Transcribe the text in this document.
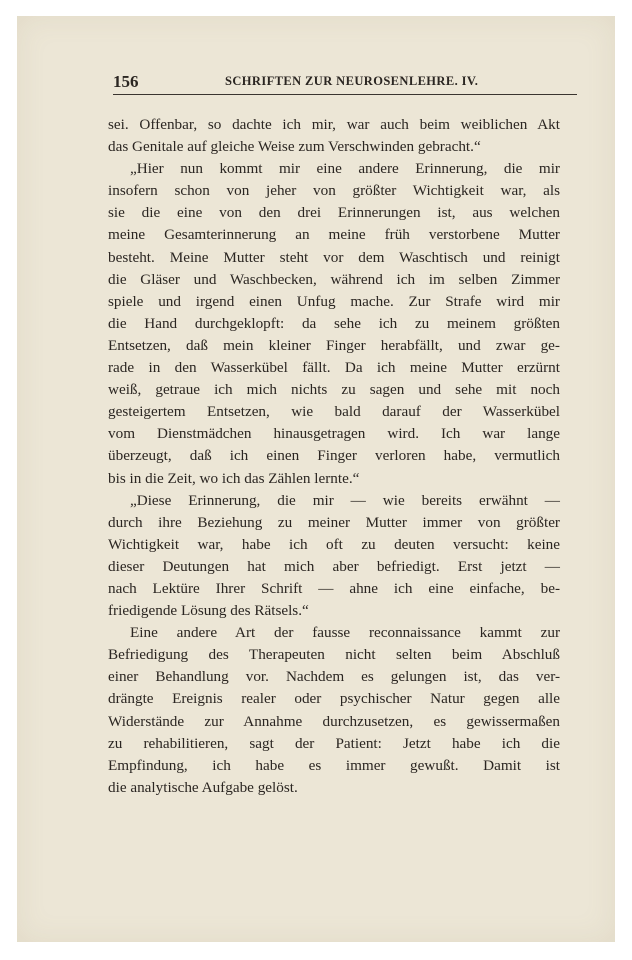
156	SCHRIFTEN ZUR NEUROSENLEHRE. IV.
sei. Offenbar, so dachte ich mir, war auch beim weiblichen Akt
das Genitale auf gleiche Weise zum Verschwinden gebracht.“
„Hier nun kommt mir eine andere Erinnerung, die mir
insofern schon von jeher von größter Wichtigkeit war, als
sie die eine von den drei Erinnerungen ist, aus welchen
meine Gesamterinnerung an meine früh verstorbene Mutter
besteht. Meine Mutter steht vor dem Waschtisch und reinigt
die Gläser und Waschbecken, während ich im selben Zimmer
spiele und irgend einen Unfug mache. Zur Strafe wird mir
die Hand durchgeklopft: da sehe ich zu meinem größten
Entsetzen, daß mein kleiner Finger herabfällt, und zwar ge-
rade in den Wasserkübel fällt. Da ich meine Mutter erzürnt
weiß, getraue ich mich nichts zu sagen und sehe mit noch
gesteigertem Entsetzen, wie bald darauf der Wasserkübel
vom Dienstmädchen hinausgetragen wird. Ich war lange
überzeugt, daß ich einen Finger verloren habe, vermutlich
bis in die Zeit, wo ich das Zählen lernte.“
„Diese Erinnerung, die mir — wie bereits erwähnt —
durch ihre Beziehung zu meiner Mutter immer von größter
Wichtigkeit war, habe ich oft zu deuten versucht: keine
dieser Deutungen hat mich aber befriedigt. Erst jetzt —
nach Lektüre Ihrer Schrift — ahne ich eine einfache, be-
friedigende Lösung des Rätsels.“
Eine andere Art der fausse reconnaissance kammt zur
Befriedigung des Therapeuten nicht selten beim Abschluß
einer Behandlung vor. Nachdem es gelungen ist, das ver-
drängte Ereignis realer oder psychischer Natur gegen alle
Widerstände zur Annahme durchzusetzen, es gewissermaßen
zu rehabilitieren, sagt der Patient: Jetzt habe ich die
Empfindung, ich habe es immer gewußt. Damit ist
die analytische Aufgabe gelöst.
